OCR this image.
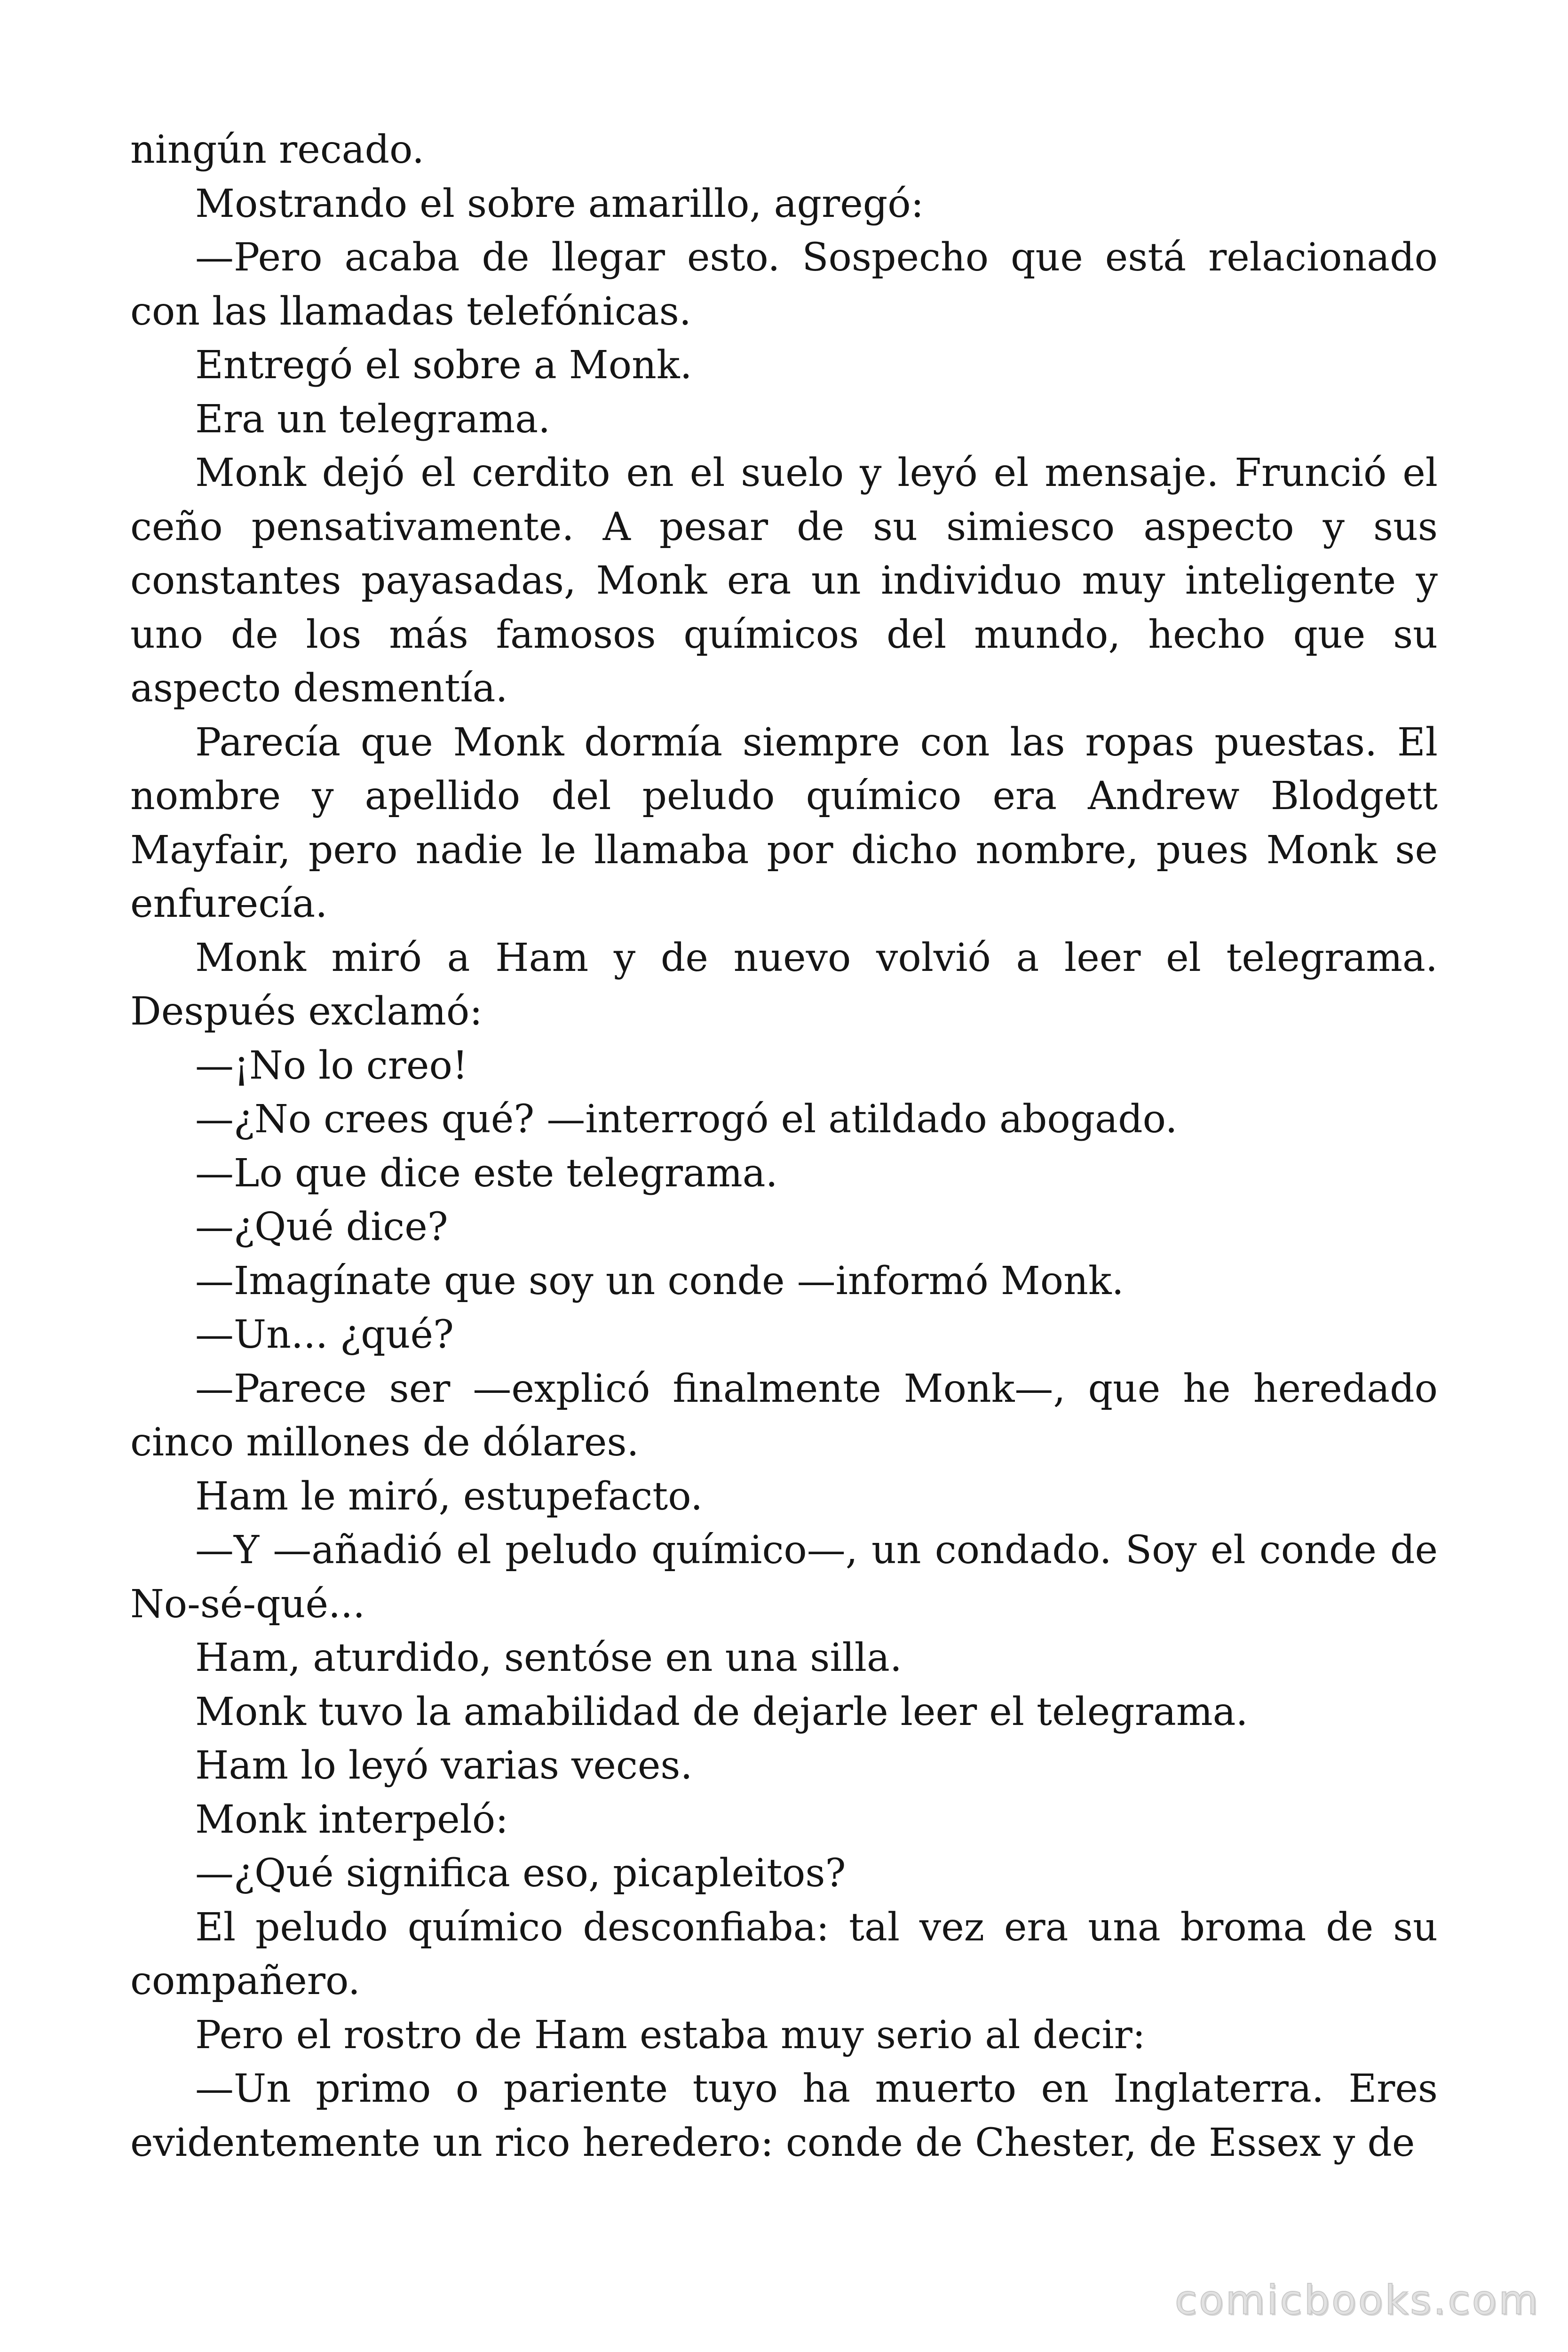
ningún recado.

Mostrando el sobre amarillo, agregó:

—Pero acaba de llegar esto. Sospecho que está relacionado con las llamadas telefónicas.

Entregó el sobre a Monk.

Era un telegrama.

Monk dejó el cerdito en el suelo y leyó el mensaje. Frunció el ceño pensativamente. A pesar de su simiesco aspecto y sus constantes payasadas, Monk era un individuo muy inteligente y uno de los más famosos químicos del mundo, hecho que su aspecto desmentía.

Parecía que Monk dormía siempre con las ropas puestas. El nombre y apellido del peludo químico era Andrew Blodgett Mayfair, pero nadie le llamaba por dicho nombre, pues Monk se enfurecía.

Monk miró a Ham y de nuevo volvió a leer el telegrama. Después exclamó:

—¡No lo creo!

—¿No crees qué? —interrogó el atildado abogado.

—Lo que dice este telegrama.

—¿Qué dice?

—Imagínate que soy un conde —informó Monk.

—Un... ¿qué?

—Parece ser —explicó finalmente Monk—, que he heredado cinco millones de dólares.

Ham le miró, estupefacto.

—Y —añadió el peludo químico—, un condado. Soy el conde de No-sé-qué...

Ham, aturdido, sentóse en una silla.

Monk tuvo la amabilidad de dejarle leer el telegrama.

Ham lo leyó varias veces.

Monk interpeló:

—¿Qué significa eso, picapleitos?

El peludo químico desconfiaba: tal vez era una broma de su compañero.

Pero el rostro de Ham estaba muy serio al decir:

—Un primo o pariente tuyo ha muerto en Inglaterra. Eres evidentemente un rico heredero: conde de Chester, de Essex y de

comicbooks.com
